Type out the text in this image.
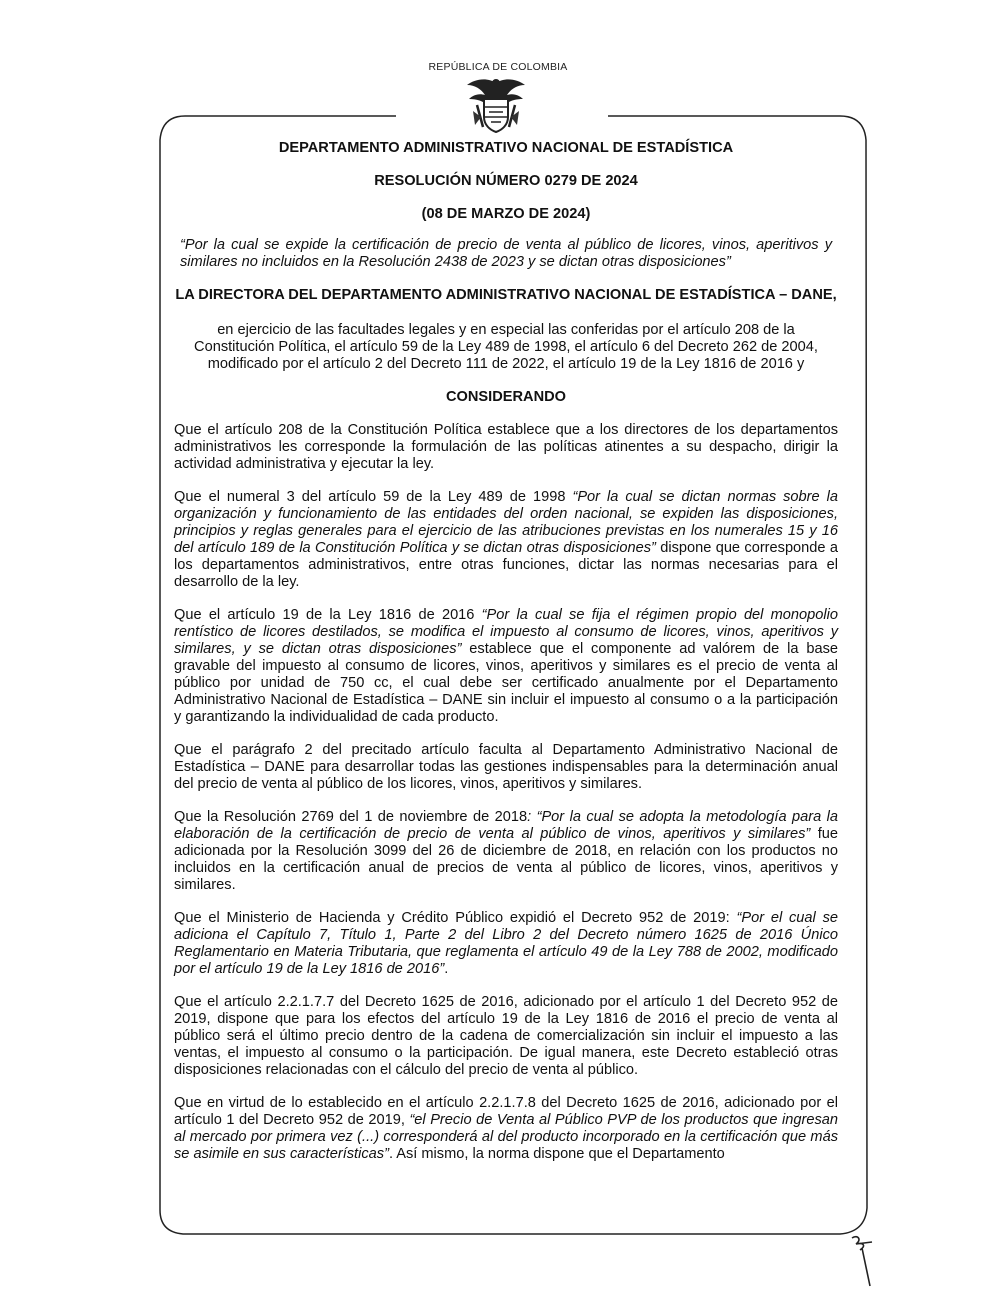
REPÚBLICA DE COLOMBIA
DEPARTAMENTO ADMINISTRATIVO NACIONAL DE ESTADÍSTICA
RESOLUCIÓN NÚMERO 0279 DE 2024
(08 DE MARZO DE 2024)

“Por la cual se expide la certificación de precio de venta al público de licores, vinos, aperitivos y similares no incluidos en la Resolución 2438 de 2023 y se dictan otras disposiciones”

LA DIRECTORA DEL DEPARTAMENTO ADMINISTRATIVO NACIONAL DE ESTADÍSTICA – DANE,

en ejercicio de las facultades legales y en especial las conferidas por el artículo 208 de la Constitución Política, el artículo 59 de la Ley 489 de 1998, el artículo 6 del Decreto 262 de 2004, modificado por el artículo 2 del Decreto 111 de 2022, el artículo 19 de la Ley 1816 de 2016 y

CONSIDERANDO

Que el artículo 208 de la Constitución Política establece que a los directores de los departamentos administrativos les corresponde la formulación de las políticas atinentes a su despacho, dirigir la actividad administrativa y ejecutar la ley.

Que el numeral 3 del artículo 59 de la Ley 489 de 1998 “Por la cual se dictan normas sobre la organización y funcionamiento de las entidades del orden nacional, se expiden las disposiciones, principios y reglas generales para el ejercicio de las atribuciones previstas en los numerales 15 y 16 del artículo 189 de la Constitución Política y se dictan otras disposiciones” dispone que corresponde a los departamentos administrativos, entre otras funciones, dictar las normas necesarias para el desarrollo de la ley.

Que el artículo 19 de la Ley 1816 de 2016 “Por la cual se fija el régimen propio del monopolio rentístico de licores destilados, se modifica el impuesto al consumo de licores, vinos, aperitivos y similares, y se dictan otras disposiciones” establece que el componente ad valórem de la base gravable del impuesto al consumo de licores, vinos, aperitivos y similares es el precio de venta al público por unidad de 750 cc, el cual debe ser certificado anualmente por el Departamento Administrativo Nacional de Estadística – DANE sin incluir el impuesto al consumo o a la participación y garantizando la individualidad de cada producto.

Que el parágrafo 2 del precitado artículo faculta al Departamento Administrativo Nacional de Estadística – DANE para desarrollar todas las gestiones indispensables para la determinación anual del precio de venta al público de los licores, vinos, aperitivos y similares.

Que la Resolución 2769 del 1 de noviembre de 2018: “Por la cual se adopta la metodología para la elaboración de la certificación de precio de venta al público de vinos, aperitivos y similares” fue adicionada por la Resolución 3099 del 26 de diciembre de 2018, en relación con los productos no incluidos en la certificación anual de precios de venta al público de licores, vinos, aperitivos y similares.

Que el Ministerio de Hacienda y Crédito Público expidió el Decreto 952 de 2019: “Por el cual se adiciona el Capítulo 7, Título 1, Parte 2 del Libro 2 del Decreto número 1625 de 2016 Único Reglamentario en Materia Tributaria, que reglamenta el artículo 49 de la Ley 788 de 2002, modificado por el artículo 19 de la Ley 1816 de 2016”.

Que el artículo 2.2.1.7.7 del Decreto 1625 de 2016, adicionado por el artículo 1 del Decreto 952 de 2019, dispone que para los efectos del artículo 19 de la Ley 1816 de 2016 el precio de venta al público será el último precio dentro de la cadena de comercialización sin incluir el impuesto a las ventas, el impuesto al consumo o la participación. De igual manera, este Decreto estableció otras disposiciones relacionadas con el cálculo del precio de venta al público.

Que en virtud de lo establecido en el artículo 2.2.1.7.8 del Decreto 1625 de 2016, adicionado por el artículo 1 del Decreto 952 de 2019, “el Precio de Venta al Público PVP de los productos que ingresan al mercado por primera vez (...) corresponderá al del producto incorporado en la certificación que más se asimile en sus características”. Así mismo, la norma dispone que el Departamento
